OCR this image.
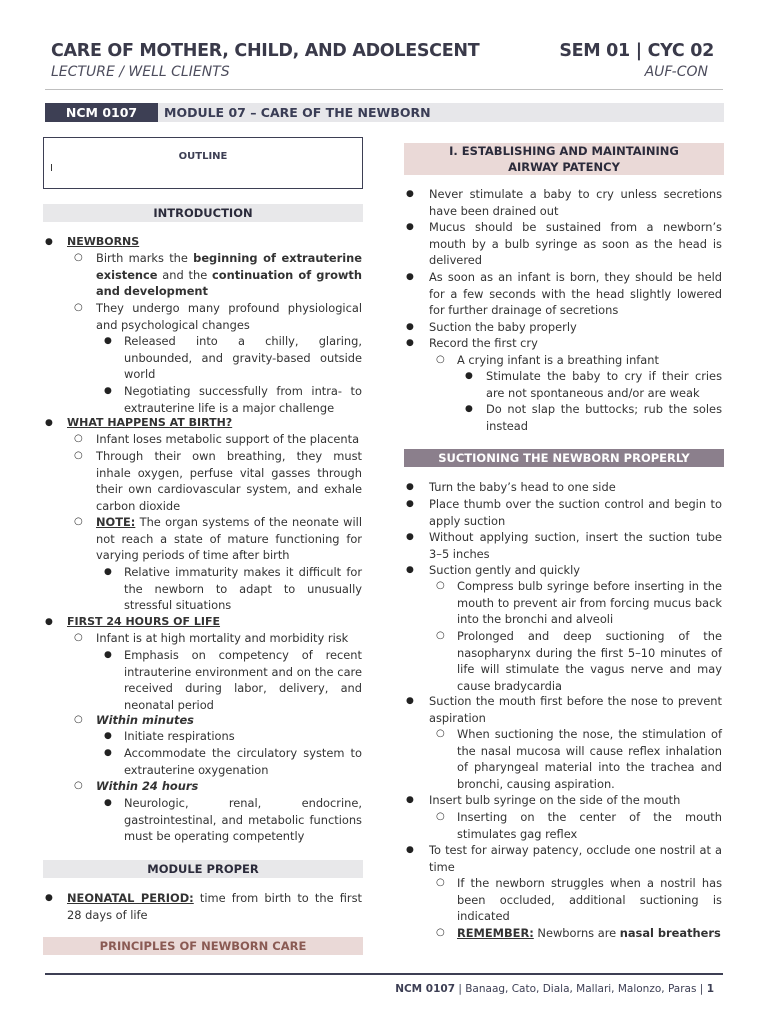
CARE OF MOTHER, CHILD, AND ADOLESCENT
LECTURE / WELL CLIENTS
SEM 01 | CYC 02
AUF-CON
NCM 0107	MODULE 07 – CARE OF THE NEWBORN
OUTLINE
I
INTRODUCTION
● NEWBORNS
○ Birth marks the beginning of extrauterine existence and the continuation of growth and development
○ They undergo many profound physiological and psychological changes
● Released into a chilly, glaring, unbounded, and gravity-based outside world
● Negotiating successfully from intra- to extrauterine life is a major challenge
● WHAT HAPPENS AT BIRTH?
○ Infant loses metabolic support of the placenta
○ Through their own breathing, they must inhale oxygen, perfuse vital gasses through their own cardiovascular system, and exhale carbon dioxide
○ NOTE: The organ systems of the neonate will not reach a state of mature functioning for varying periods of time after birth
● Relative immaturity makes it difficult for the newborn to adapt to unusually stressful situations
● FIRST 24 HOURS OF LIFE
○ Infant is at high mortality and morbidity risk
● Emphasis on competency of recent intrauterine environment and on the care received during labor, delivery, and neonatal period
○ Within minutes
● Initiate respirations
● Accommodate the circulatory system to extrauterine oxygenation
○ Within 24 hours
● Neurologic, renal, endocrine, gastrointestinal, and metabolic functions must be operating competently
MODULE PROPER
● NEONATAL PERIOD: time from birth to the first 28 days of life
PRINCIPLES OF NEWBORN CARE
I. ESTABLISHING AND MAINTAINING AIRWAY PATENCY
● Never stimulate a baby to cry unless secretions have been drained out
● Mucus should be sustained from a newborn’s mouth by a bulb syringe as soon as the head is delivered
● As soon as an infant is born, they should be held for a few seconds with the head slightly lowered for further drainage of secretions
● Suction the baby properly
● Record the first cry
○ A crying infant is a breathing infant
● Stimulate the baby to cry if their cries are not spontaneous and/or are weak
● Do not slap the buttocks; rub the soles instead
SUCTIONING THE NEWBORN PROPERLY
● Turn the baby’s head to one side
● Place thumb over the suction control and begin to apply suction
● Without applying suction, insert the suction tube 3–5 inches
● Suction gently and quickly
○ Compress bulb syringe before inserting in the mouth to prevent air from forcing mucus back into the bronchi and alveoli
○ Prolonged and deep suctioning of the nasopharynx during the first 5–10 minutes of life will stimulate the vagus nerve and may cause bradycardia
● Suction the mouth first before the nose to prevent aspiration
○ When suctioning the nose, the stimulation of the nasal mucosa will cause reflex inhalation of pharyngeal material into the trachea and bronchi, causing aspiration.
● Insert bulb syringe on the side of the mouth
○ Inserting on the center of the mouth stimulates gag reflex
● To test for airway patency, occlude one nostril at a time
○ If the newborn struggles when a nostril has been occluded, additional suctioning is indicated
○ REMEMBER: Newborns are nasal breathers
NCM 0107 | Banaag, Cato, Diala, Mallari, Malonzo, Paras | 1
